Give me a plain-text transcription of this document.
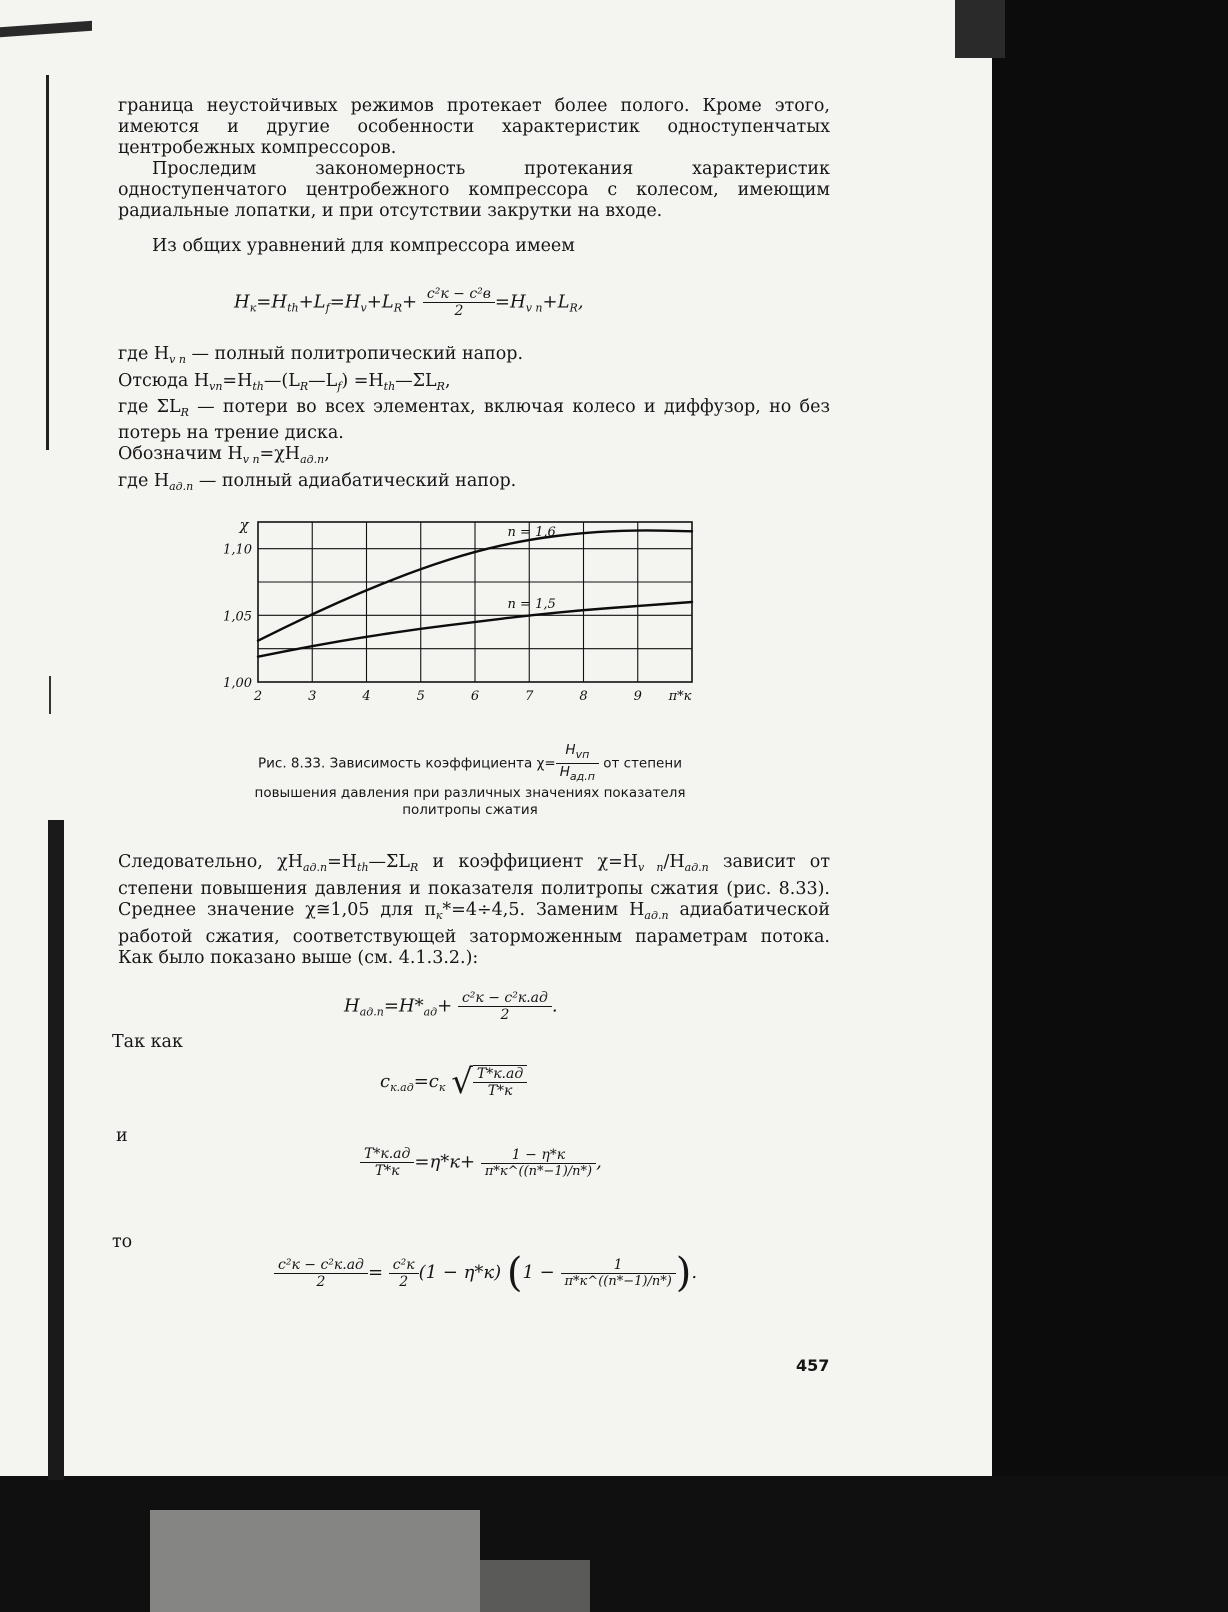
граница неустойчивых режимов протекает более полого. Кроме этого, имеются и другие особенности характеристик одноступенчатых центробежных компрессоров.

Проследим закономерность протекания характеристик одноступенчатого центробежного компрессора с колесом, имеющим радиальные лопатки, и при отсутствии закрутки на входе.

Из общих уравнений для компрессора имеем

$H_к=H_{th}+L_f=H_v+L_R+ \frac{\text{c²к − c²в}}{2} =H_{v п}+L_R$,

где $H_{v п}$ — полный политропический напор.

Отсюда $H_{vп}=H_{th}—(L_R—L_f)$ $=H_{th}—\Sigma L_R$,

где $\Sigma L_R$ — потери во всех элементах, включая колесо и диффузор, но без потерь на трение диска.

Обозначим $H_{v п}=\chi H_{ад.п}$,

где $H_{ад.п}$ — полный адиабатический напор.

1,00
1,05
1,10
χ
2	3	4	5	6	7	8	9 π*к
n = 1,6
n = 1,5
Рис. 8.33. Зависимость коэффициента $\chi= \frac{H_{vп}}{H_{ад.п}}$ от степени
повышения давления при различных значениях показателя
политропы сжатия

Следовательно, $\chi H_{ад.п}=H_{th}—\Sigma L_R$ и коэффициент $\chi=H_{v п}/H_{ад.п}$ зависит от степени повышения давления и показателя политропы сжатия (рис. 8.33). Среднее значение χ≅1,05 для $\pi_к*=4\div 4,5$. Заменим $H_{ад.п}$ адиабатической работой сжатия, соответствующей заторможенным параметрам потока. Как было показано выше (см. 4.1.3.2.):

$H_{ад.п}=H*_{ад}+ \frac{\text{c²к − c²к.ад}}{2}$ .
Так как
$c_{к.ад}=c_к$ √ $\frac{T*к.ад}{T*к}$
и
$\frac{T*к.ад}{T*к} =\eta*к+ \frac{1 - \eta*к}{\pi*к\^{}((n*-1)/n*)}$ ,
то
$\frac{\text{c²к − c²к.ад}}{2} = \frac{\text{c²к}}{2} (1 - \eta*к) (1 - \frac{1}{\pi*к\^{}((n*-1)/n*)}$ ).
457
